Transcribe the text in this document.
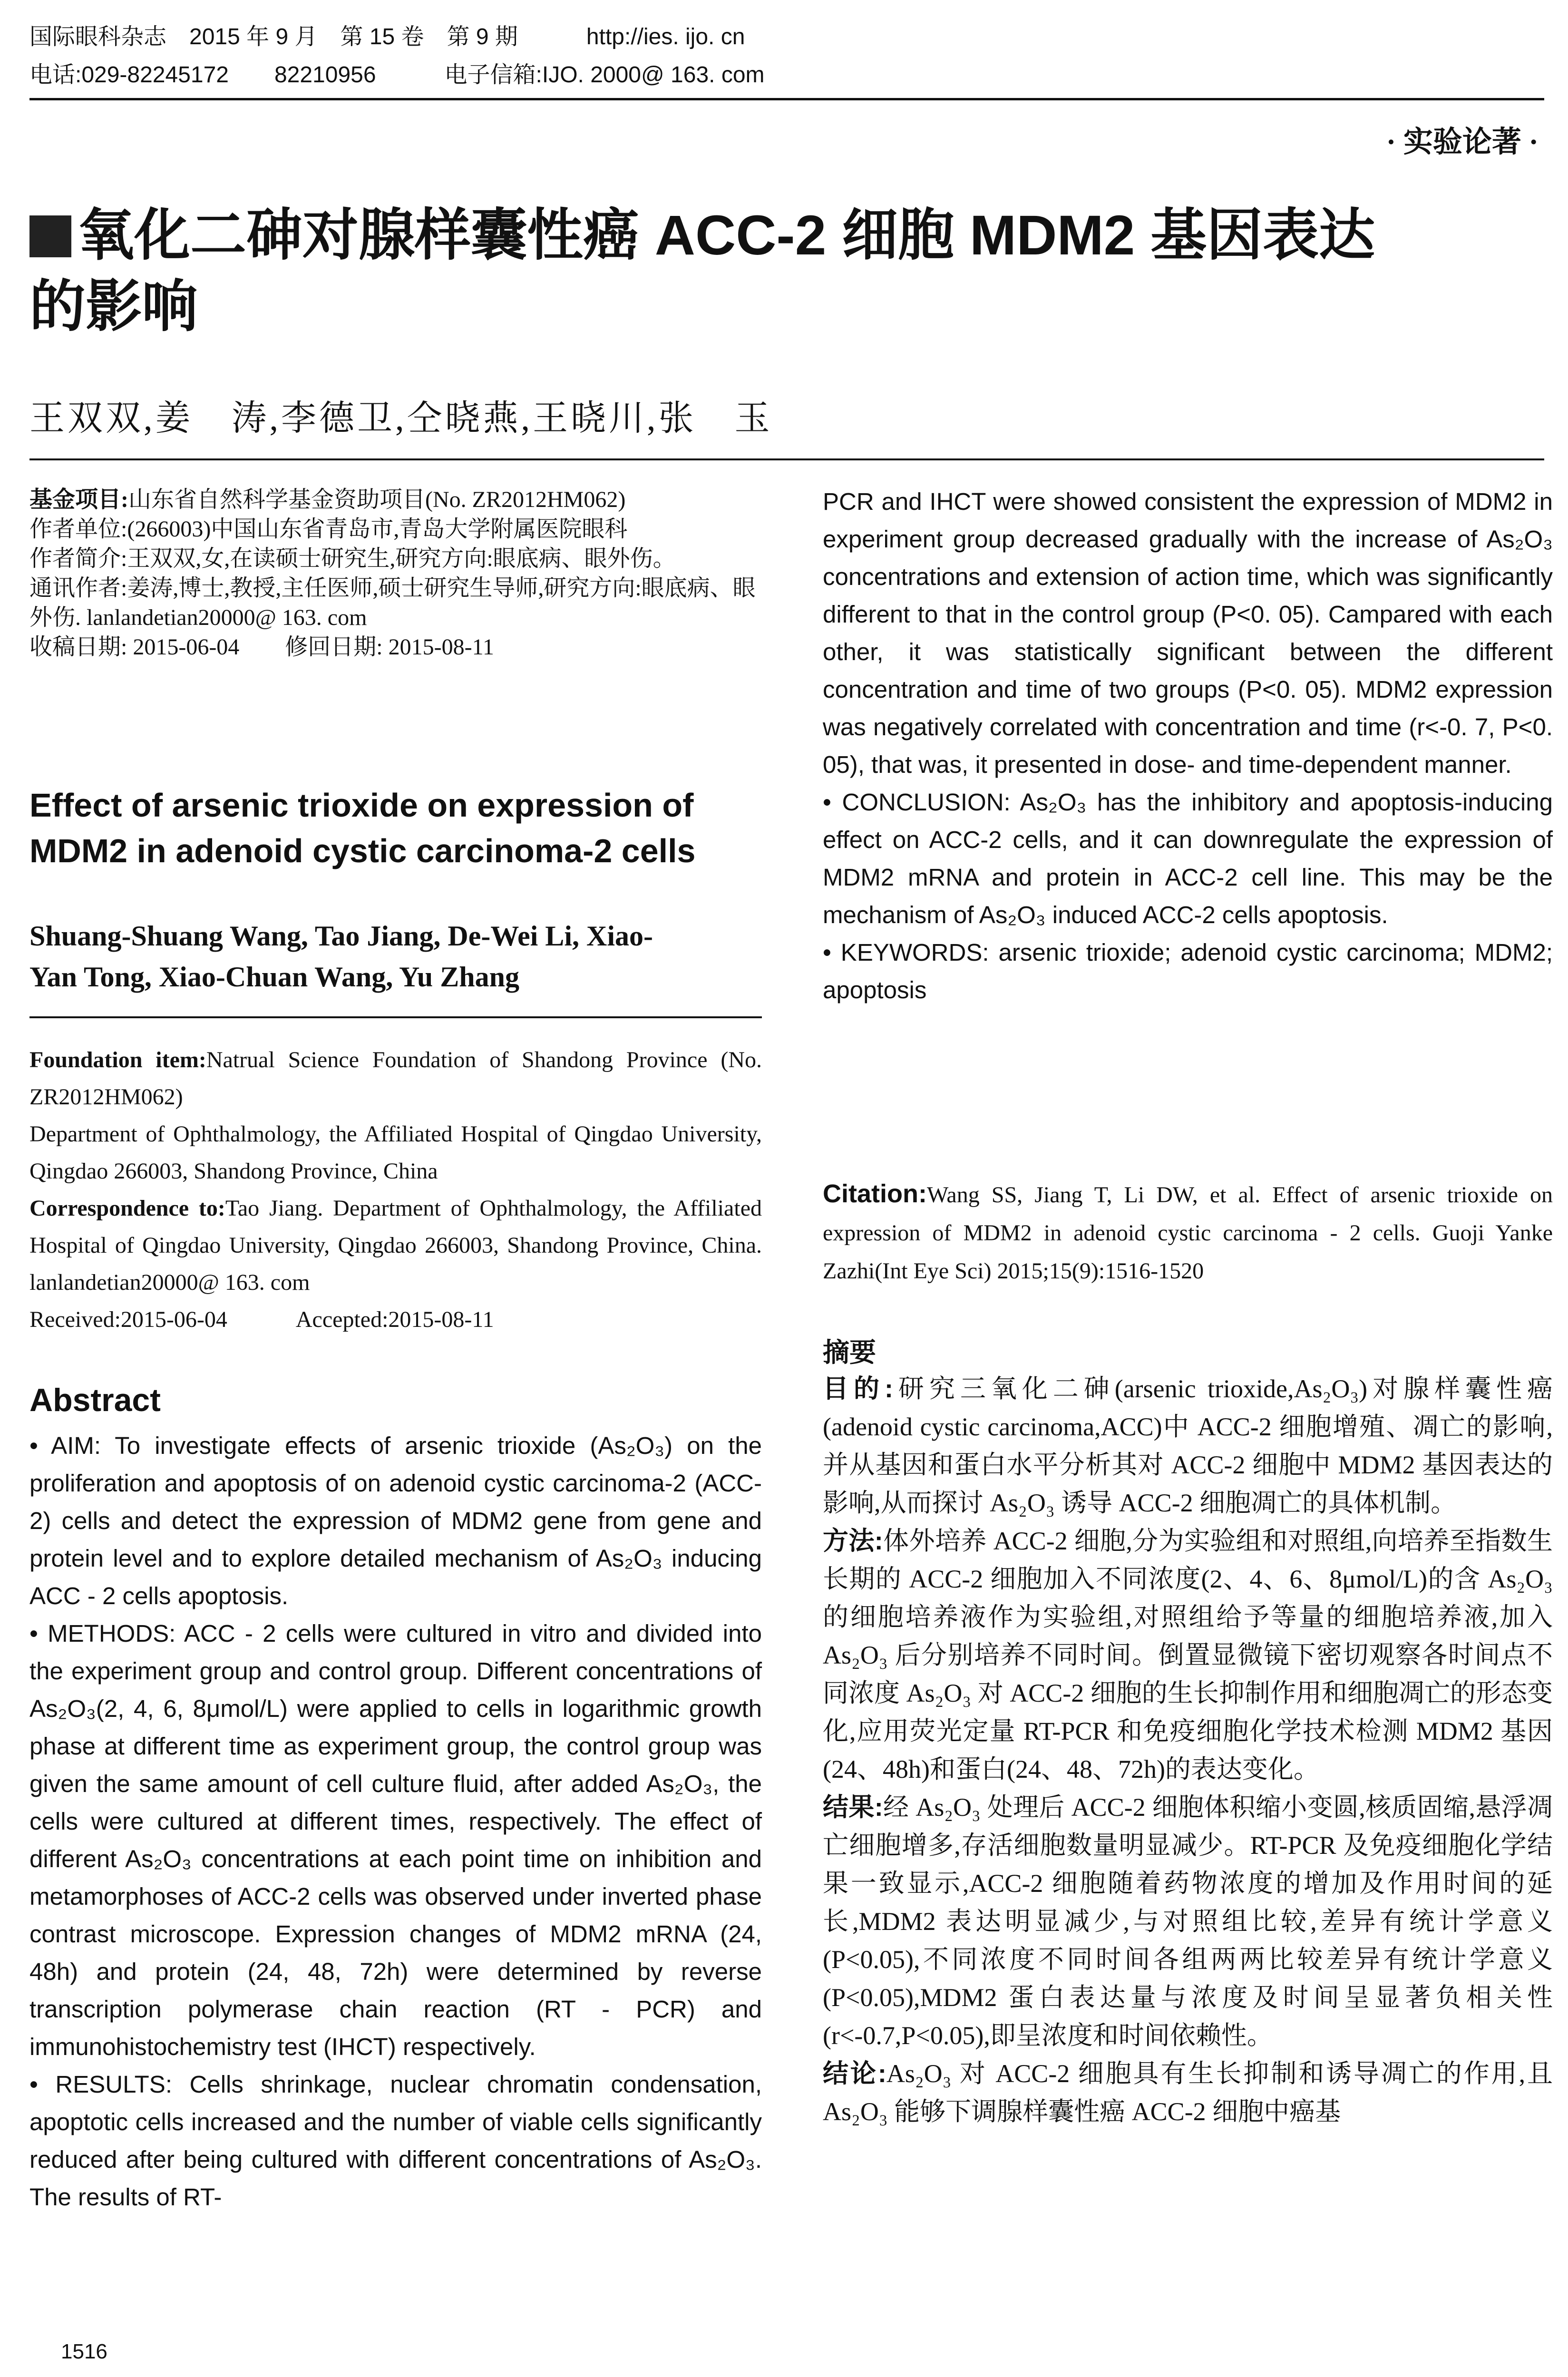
国际眼科杂志　2015 年 9 月　第 15 卷　第 9 期　　　http://ies. ijo. cn
电话:029-82245172　　82210956　　　电子信箱:IJO. 2000@ 163. com
· 实验论著 ·
氧化二砷对腺样囊性癌 ACC-2 细胞 MDM2 基因表达
的影响
王双双,姜　涛,李德卫,仝晓燕,王晓川,张　玉
基金项目:山东省自然科学基金资助项目(No. ZR2012HM062)
作者单位:(266003)中国山东省青岛市,青岛大学附属医院眼科
作者简介:王双双,女,在读硕士研究生,研究方向:眼底病、眼外伤。
通讯作者:姜涛,博士,教授,主任医师,硕士研究生导师,研究方向:眼底病、眼外伤. lanlandetian20000@ 163. com
收稿日期: 2015-06-04　　修回日期: 2015-08-11
Effect of arsenic trioxide on expression of
MDM2 in adenoid cystic carcinoma-2 cells
Shuang-Shuang Wang, Tao Jiang, De-Wei Li, Xiao-
Yan Tong, Xiao-Chuan Wang, Yu Zhang
Foundation item:Natrual Science Foundation of Shandong Province (No. ZR2012HM062)
Department of Ophthalmology, the Affiliated Hospital of Qingdao University, Qingdao 266003, Shandong Province, China
Correspondence to:Tao Jiang. Department of Ophthalmology, the Affiliated Hospital of Qingdao University, Qingdao 266003, Shandong Province, China. lanlandetian20000@ 163. com
Received:2015-06-04　　　Accepted:2015-08-11
Abstract

• AIM: To investigate effects of arsenic trioxide (As₂O₃) on the proliferation and apoptosis of on adenoid cystic carcinoma-2 (ACC-2) cells and detect the expression of MDM2 gene from gene and protein level and to explore detailed mechanism of As₂O₃ inducing ACC - 2 cells apoptosis.

• METHODS: ACC - 2 cells were cultured in vitro and divided into the experiment group and control group. Different concentrations of As₂O₃(2, 4, 6, 8μmol/L) were applied to cells in logarithmic growth phase at different time as experiment group, the control group was given the same amount of cell culture fluid, after added As₂O₃, the cells were cultured at different times, respectively. The effect of different As₂O₃ concentrations at each point time on inhibition and metamorphoses of ACC-2 cells was observed under inverted phase contrast microscope. Expression changes of MDM2 mRNA (24, 48h) and protein (24, 48, 72h) were determined by reverse transcription polymerase chain reaction (RT - PCR) and immunohistochemistry test (IHCT) respectively.

• RESULTS: Cells shrinkage, nuclear chromatin condensation, apoptotic cells increased and the number of viable cells significantly reduced after being cultured with different concentrations of As₂O₃. The results of RT-

1516

PCR and IHCT were showed consistent the expression of MDM2 in experiment group decreased gradually with the increase of As₂O₃ concentrations and extension of action time, which was significantly different to that in the control group (P<0. 05). Campared with each other, it was statistically significant between the different concentration and time of two groups (P<0. 05). MDM2 expression was negatively correlated with concentration and time (r<-0. 7, P<0. 05), that was, it presented in dose- and time-dependent manner.

• CONCLUSION: As₂O₃ has the inhibitory and apoptosis-inducing effect on ACC-2 cells, and it can downregulate the expression of MDM2 mRNA and protein in ACC-2 cell line. This may be the mechanism of As₂O₃ induced ACC-2 cells apoptosis.

• KEYWORDS: arsenic trioxide; adenoid cystic carcinoma; MDM2; apoptosis

Citation:Wang SS, Jiang T, Li DW, et al. Effect of arsenic trioxide on expression of MDM2 in adenoid cystic carcinoma - 2 cells. Guoji Yanke Zazhi(Int Eye Sci) 2015;15(9):1516-1520
摘要

目的:研究三氧化二砷(arsenic trioxide,As₂O₃)对腺样囊性癌(adenoid cystic carcinoma,ACC)中 ACC-2 细胞增殖、凋亡的影响,并从基因和蛋白水平分析其对 ACC-2 细胞中 MDM2 基因表达的影响,从而探讨 As₂O₃ 诱导 ACC-2 细胞凋亡的具体机制。

方法:体外培养 ACC-2 细胞,分为实验组和对照组,向培养至指数生长期的 ACC-2 细胞加入不同浓度(2、4、6、8μmol/L)的含 As₂O₃ 的细胞培养液作为实验组,对照组给予等量的细胞培养液,加入 As₂O₃ 后分别培养不同时间。倒置显微镜下密切观察各时间点不同浓度 As₂O₃ 对 ACC-2 细胞的生长抑制作用和细胞凋亡的形态变化,应用荧光定量 RT-PCR 和免疫细胞化学技术检测 MDM2 基因(24、48h)和蛋白(24、48、72h)的表达变化。

结果:经 As₂O₃ 处理后 ACC-2 细胞体积缩小变圆,核质固缩,悬浮凋亡细胞增多,存活细胞数量明显减少。RT-PCR 及免疫细胞化学结果一致显示,ACC-2 细胞随着药物浓度的增加及作用时间的延长,MDM2 表达明显减少,与对照组比较,差异有统计学意义(P<0.05),不同浓度不同时间各组两两比较差异有统计学意义(P<0.05),MDM2 蛋白表达量与浓度及时间呈显著负相关性(r<-0.7,P<0.05),即呈浓度和时间依赖性。

结论:As₂O₃ 对 ACC-2 细胞具有生长抑制和诱导凋亡的作用,且 As₂O₃ 能够下调腺样囊性癌 ACC-2 细胞中癌基
